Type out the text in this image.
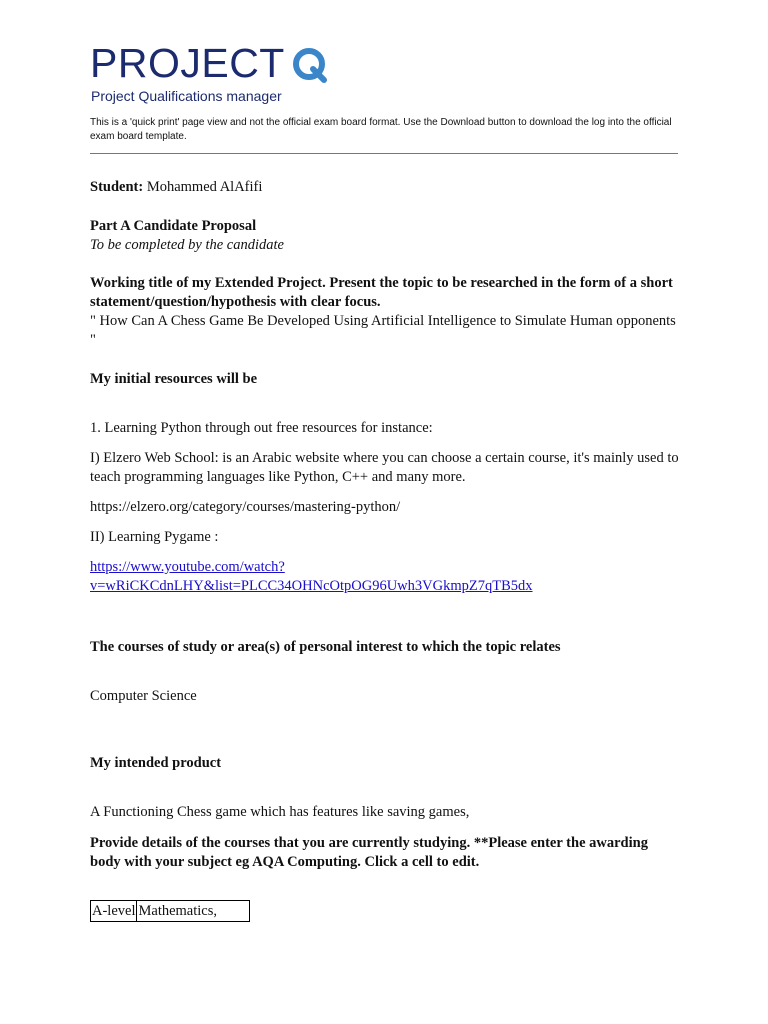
PROJECT
Project Qualifications manager
This is a 'quick print' page view and not the official exam board format. Use the Download button to download the log into the official exam board template.
Student: Mohammed AlAfifi
Part A Candidate Proposal
To be completed by the candidate
Working title of my Extended Project. Present the topic to be researched in the form of a short statement/question/hypothesis with clear focus.
" How Can A Chess Game Be Developed Using Artificial Intelligence to Simulate Human opponents "
My initial resources will be
1. Learning Python through out free resources for instance:
I) Elzero Web School: is an Arabic website where you can choose a certain course, it's mainly used to teach programming languages like Python, C++ and many more.
https://elzero.org/category/courses/mastering-python/
II) Learning Pygame :
https://www.youtube.com/watch?
v=wRiCKCdnLHY&list=PLCC34OHNcOtpOG96Uwh3VGkmpZ7qTB5dx
The courses of study or area(s) of personal interest to which the topic relates
Computer Science
My intended product
A Functioning Chess game which has features like saving games,
Provide details of the courses that you are currently studying. **Please enter the awarding body with your subject eg AQA Computing. Click a cell to edit.
A-level	Mathematics,
